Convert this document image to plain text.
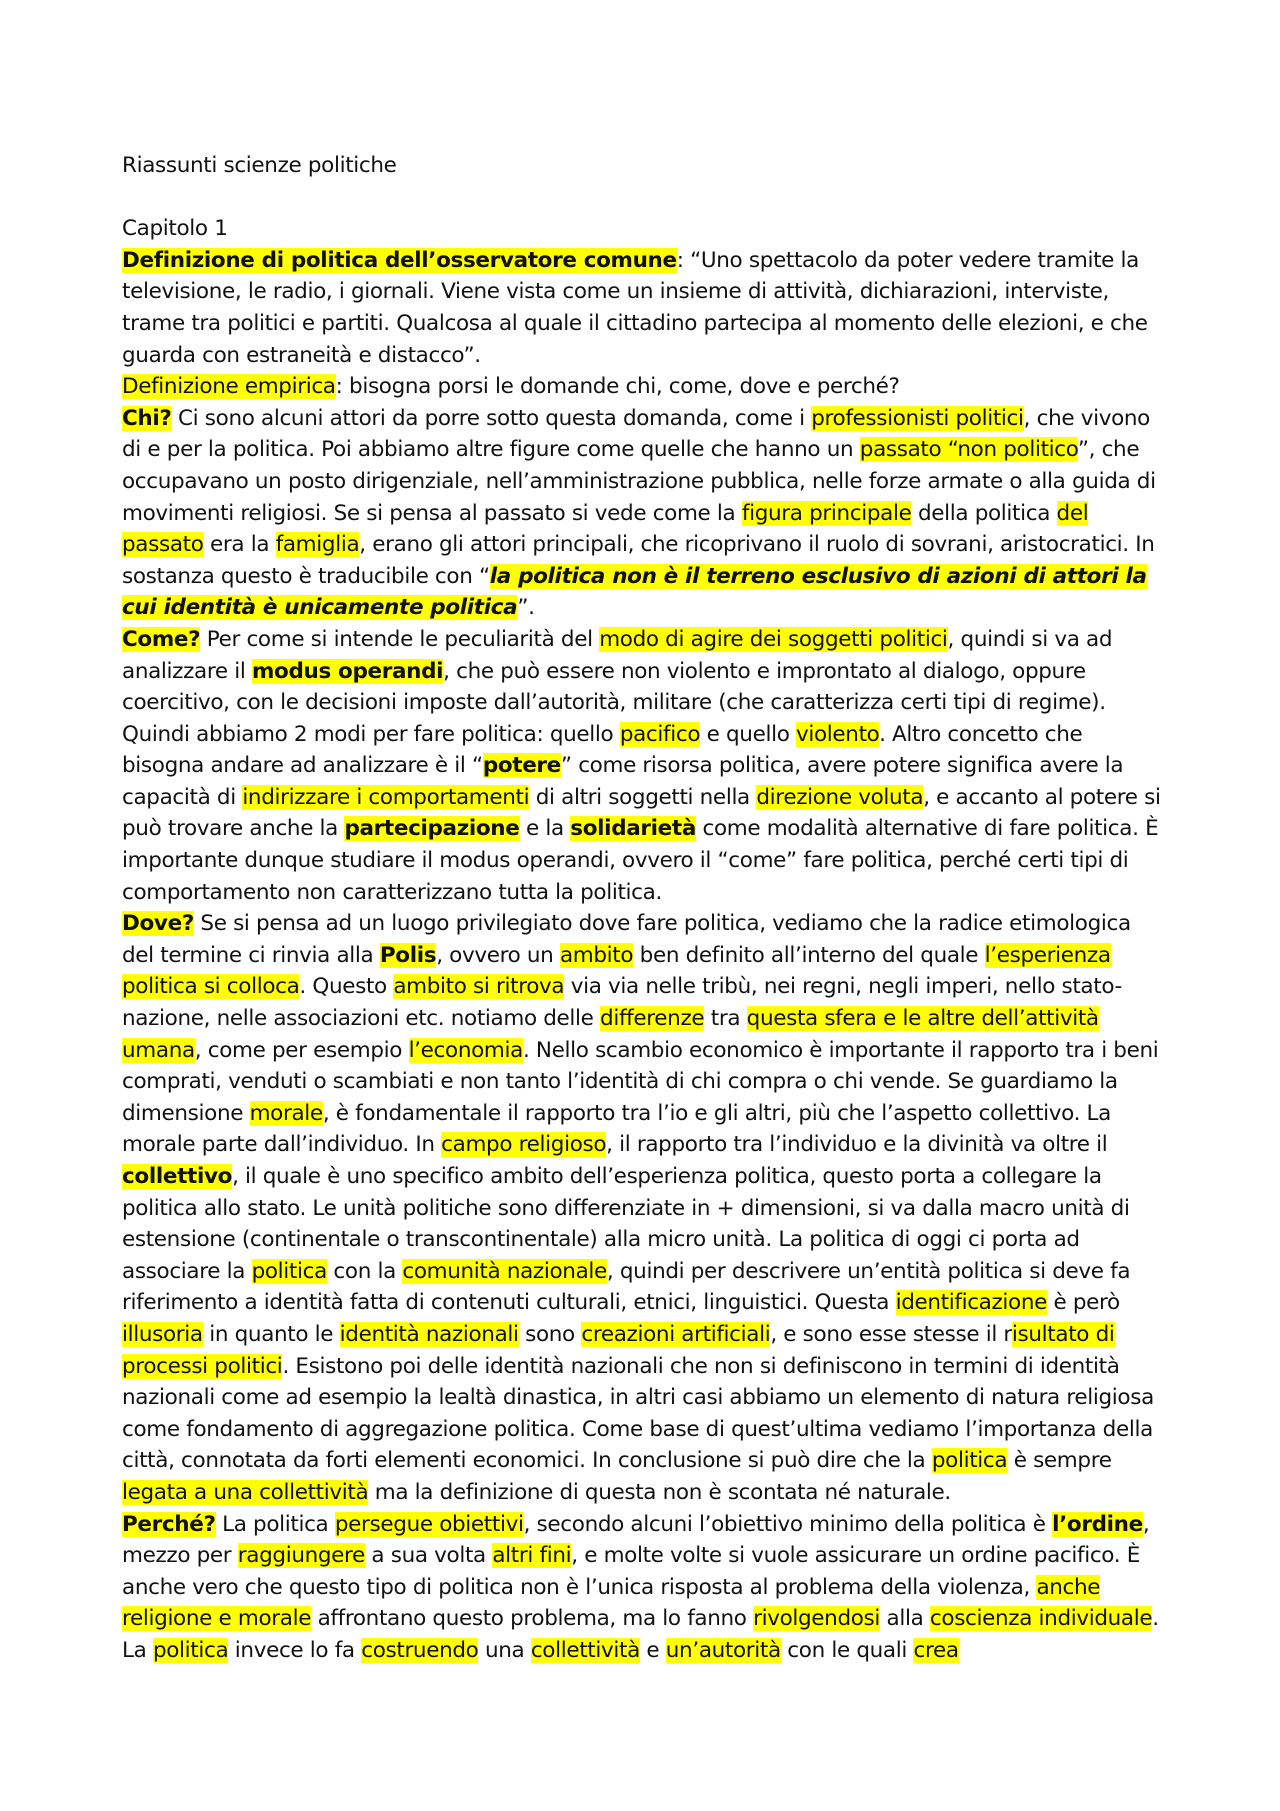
Riassunti scienze politiche

Capitolo 1

Definizione di politica dell’osservatore comune: “Uno spettacolo da poter vedere tramite la televisione, le radio, i giornali. Viene vista come un insieme di attività, dichiarazioni, interviste, trame tra politici e partiti. Qualcosa al quale il cittadino partecipa al momento delle elezioni, e che guarda con estraneità e distacco”.

Definizione empirica: bisogna porsi le domande chi, come, dove e perché?

Chi? Ci sono alcuni attori da porre sotto questa domanda, come i professionisti politici, che vivono di e per la politica. Poi abbiamo altre figure come quelle che hanno un passato “non politico”, che occupavano un posto dirigenziale, nell’amministrazione pubblica, nelle forze armate o alla guida di movimenti religiosi. Se si pensa al passato si vede come la figura principale della politica del passato era la famiglia, erano gli attori principali, che ricoprivano il ruolo di sovrani, aristocratici. In sostanza questo è traducibile con “la politica non è il terreno esclusivo di azioni di attori la cui identità è unicamente politica”.

Come? Per come si intende le peculiarità del modo di agire dei soggetti politici, quindi si va ad analizzare il modus operandi, che può essere non violento e improntato al dialogo, oppure coercitivo, con le decisioni imposte dall’autorità, militare (che caratterizza certi tipi di regime). Quindi abbiamo 2 modi per fare politica: quello pacifico e quello violento. Altro concetto che bisogna andare ad analizzare è il “potere” come risorsa politica, avere potere significa avere la capacità di indirizzare i comportamenti di altri soggetti nella direzione voluta, e accanto al potere si può trovare anche la partecipazione e la solidarietà come modalità alternative di fare politica. È importante dunque studiare il modus operandi, ovvero il “come” fare politica, perché certi tipi di comportamento non caratterizzano tutta la politica.

Dove? Se si pensa ad un luogo privilegiato dove fare politica, vediamo che la radice etimologica del termine ci rinvia alla Polis, ovvero un ambito ben definito all’interno del quale l’esperienza politica si colloca. Questo ambito si ritrova via via nelle tribù, nei regni, negli imperi, nello stato-nazione, nelle associazioni etc. notiamo delle differenze tra questa sfera e le altre dell’attività umana, come per esempio l’economia. Nello scambio economico è importante il rapporto tra i beni comprati, venduti o scambiati e non tanto l’identità di chi compra o chi vende. Se guardiamo la dimensione morale, è fondamentale il rapporto tra l’io e gli altri, più che l’aspetto collettivo. La morale parte dall’individuo. In campo religioso, il rapporto tra l’individuo e la divinità va oltre il collettivo, il quale è uno specifico ambito dell’esperienza politica, questo porta a collegare la politica allo stato. Le unità politiche sono differenziate in + dimensioni, si va dalla macro unità di estensione (continentale o transcontinentale) alla micro unità. La politica di oggi ci porta ad associare la politica con la comunità nazionale, quindi per descrivere un’entità politica si deve fa riferimento a identità fatta di contenuti culturali, etnici, linguistici. Questa identificazione è però illusoria in quanto le identità nazionali sono creazioni artificiali, e sono esse stesse il risultato di processi politici. Esistono poi delle identità nazionali che non si definiscono in termini di identità nazionali come ad esempio la lealtà dinastica, in altri casi abbiamo un elemento di natura religiosa come fondamento di aggregazione politica. Come base di quest’ultima vediamo l’importanza della città, connotata da forti elementi economici. In conclusione si può dire che la politica è sempre legata a una collettività ma la definizione di questa non è scontata né naturale.

Perché? La politica persegue obiettivi, secondo alcuni l’obiettivo minimo della politica è l’ordine, mezzo per raggiungere a sua volta altri fini, e molte volte si vuole assicurare un ordine pacifico. È anche vero che questo tipo di politica non è l’unica risposta al problema della violenza, anche religione e morale affrontano questo problema, ma lo fanno rivolgendosi alla coscienza individuale. La politica invece lo fa costruendo una collettività e un’autorità con le quali crea
